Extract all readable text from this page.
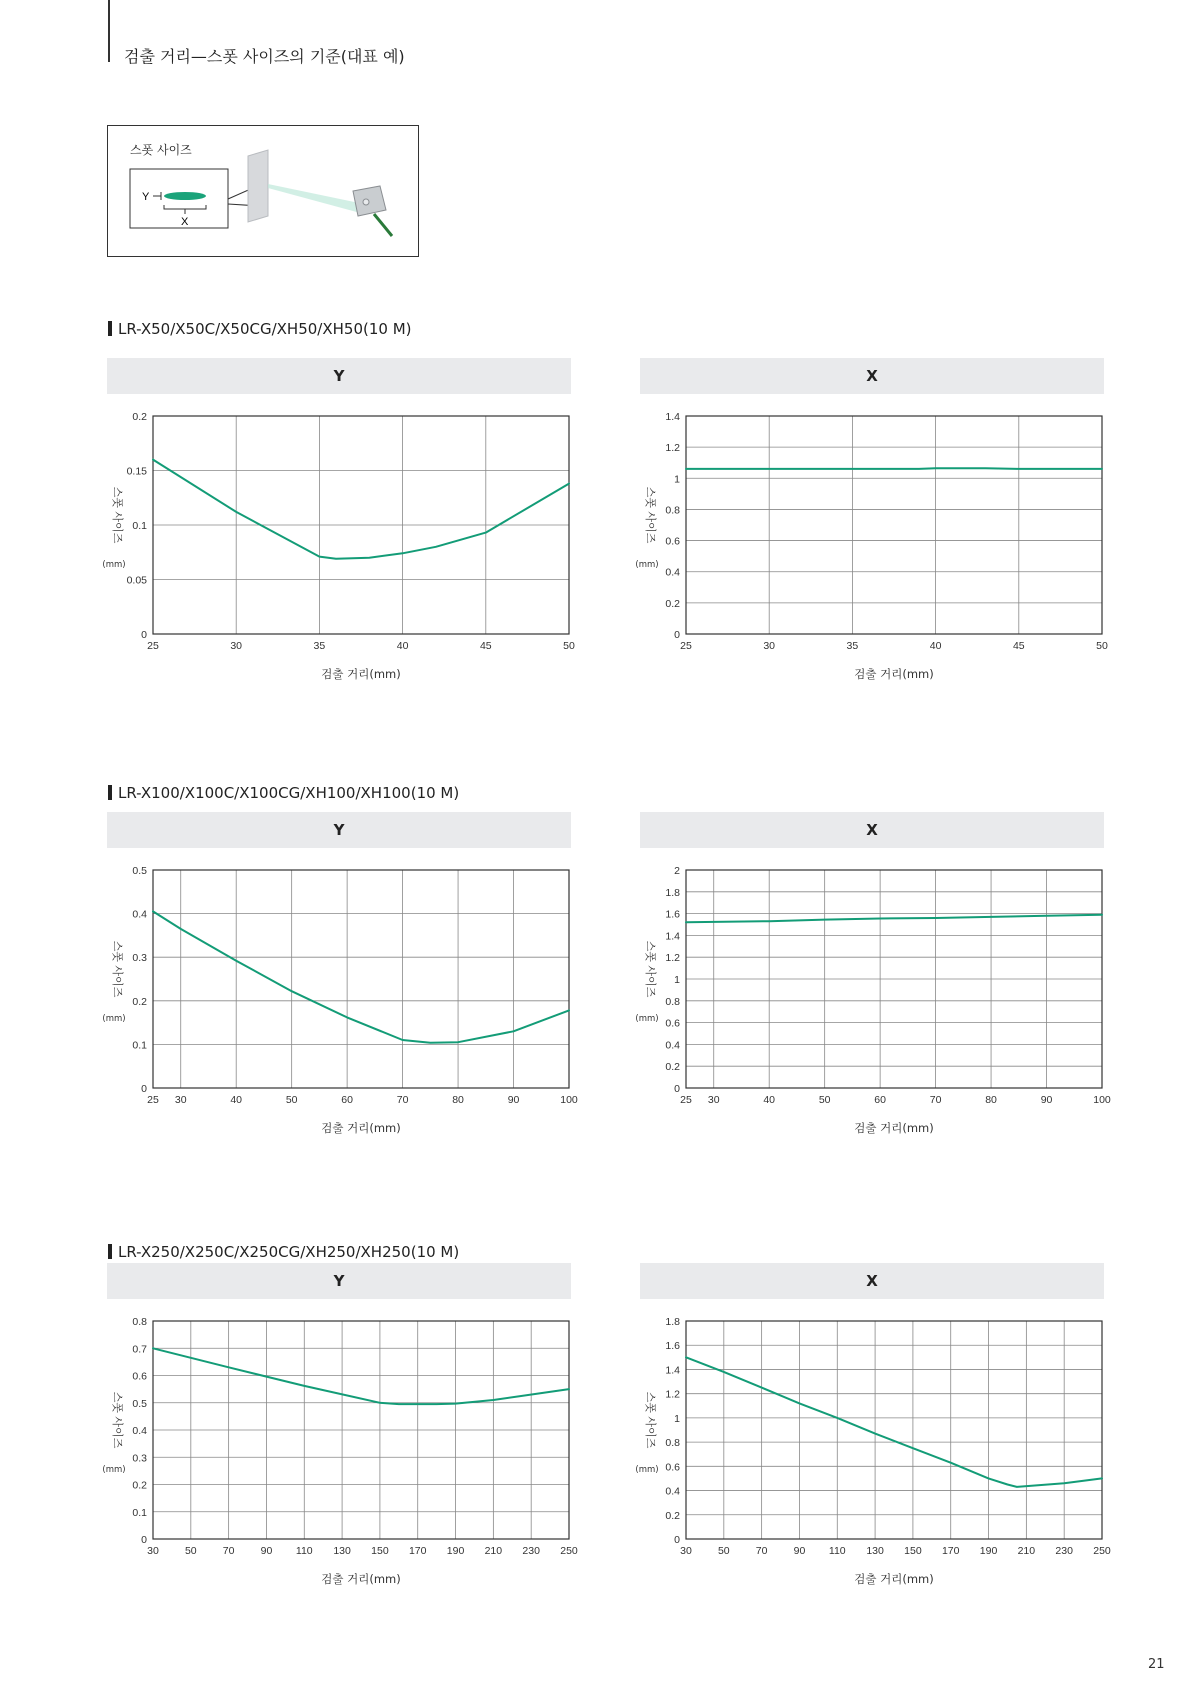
검출 거리—스폿 사이즈의 기준(대표 예)
스폿 사이즈
Y
X
LR-X50/X50C/X50CG/XH50/XH50(10 M)
LR-X100/X100C/X100CG/XH100/XH100(10 M)
LR-X250/X250C/X250CG/XH250/XH250(10 M)
Y
0
0.05
0.1
0.15
0.2
25	30	35	40	45	50
스폿 사이즈
(mm)
검출 거리(mm)
X
0
0.2
0.4
0.6
0.8
1
1.2
1.4
25	30	35	40	45	50
스폿 사이즈
(mm)
검출 거리(mm)
Y
0
0.1
0.2
0.3
0.4
0.5
25 30	40	50	60	70	80	90	100
스폿 사이즈
(mm)
검출 거리(mm)
X
0
0.2
0.4
0.6
0.8
1
1.2
1.4
1.6
1.8
2
25 30	40	50	60	70	80	90	100
스폿 사이즈
(mm)
검출 거리(mm)
Y
0
0.1
0.2
0.3
0.4
0.5
0.6
0.7
0.8
30 50 70 90 110 130 150 170 190 210 230 250
스폿 사이즈
(mm)
검출 거리(mm)
X
0
0.2
0.4
0.6
0.8
1
1.2
1.4
1.6
1.8
30 50 70 90 110 130 150 170 190 210 230 250
스폿 사이즈
(mm)
검출 거리(mm)
21
